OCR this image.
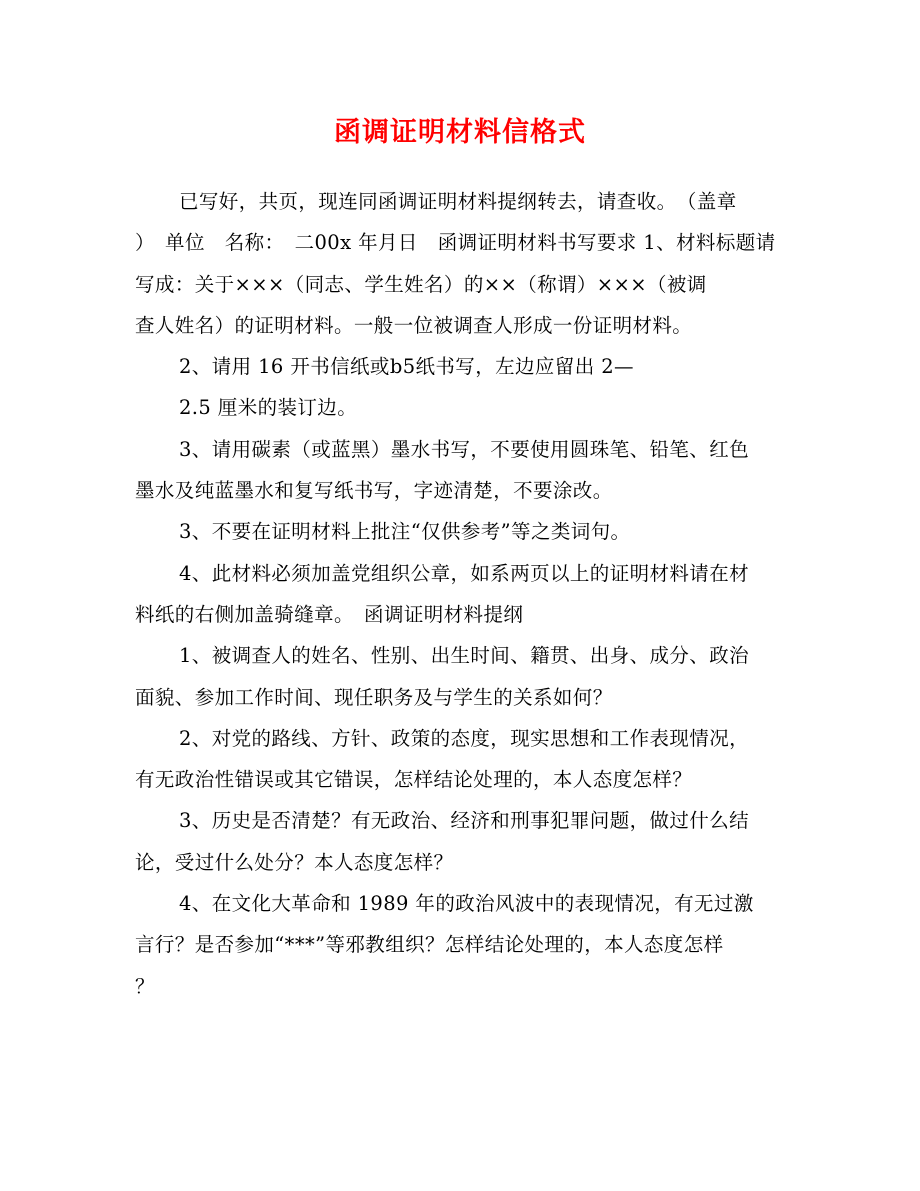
函调证明材料信格式
已写好，共页，现连同函调证明材料提纲转去，请查收。　（盖章
）　单位　名称：　二00x 年月日　函调证明材料书写要求 1、材料标题请
写成：关于×××（同志、学生姓名）的××（称谓）×××（被调
查人姓名）的证明材料。一般一位被调查人形成一份证明材料。
2、请用 16 开书信纸或b5纸书写，左边应留出 2—
2.5 厘米的装订边。
3、请用碳素（或蓝黑）墨水书写，不要使用圆珠笔、铅笔、红色
墨水及纯蓝墨水和复写纸书写，字迹清楚，不要涂改。
3、不要在证明材料上批注“仅供参考”等之类词句。
4、此材料必须加盖党组织公章，如系两页以上的证明材料请在材
料纸的右侧加盖骑缝章。　函调证明材料提纲
1、被调查人的姓名、性别、出生时间、籍贯、出身、成分、政治
面貌、参加工作时间、现任职务及与学生的关系如何？
2、对党的路线、方针、政策的态度，现实思想和工作表现情况，
有无政治性错误或其它错误，怎样结论处理的，本人态度怎样？
3、历史是否清楚？有无政治、经济和刑事犯罪问题，做过什么结
论，受过什么处分？本人态度怎样？
4、在文化大革命和 1989 年的政治风波中的表现情况，有无过激
言行？是否参加“***”等邪教组织？怎样结论处理的，本人态度怎样
？
